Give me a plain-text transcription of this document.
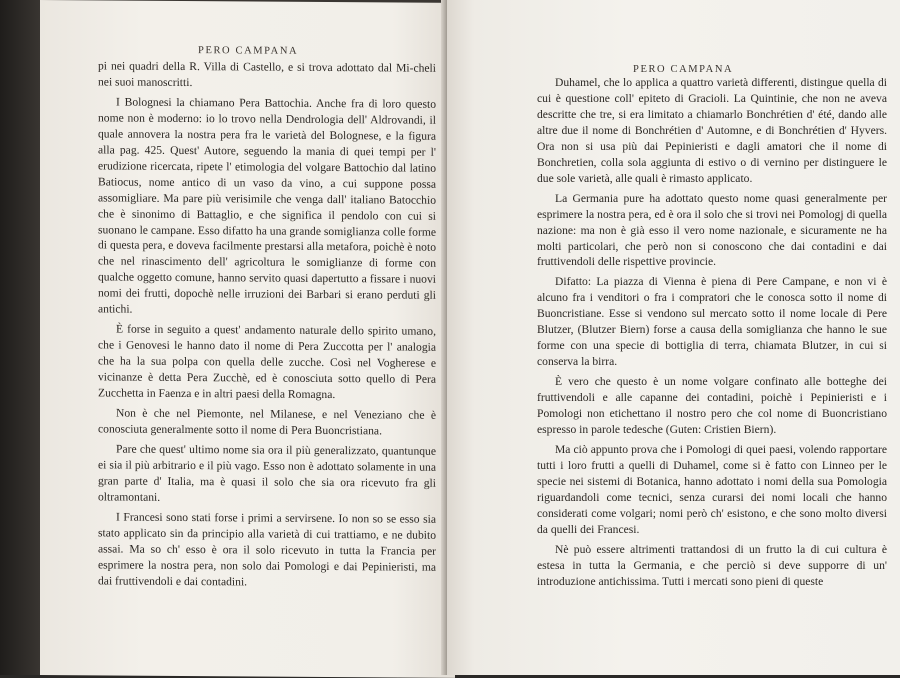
PERO CAMPANA

pi nei quadri della R. Villa di Castello, e si trova adottato dal Mi-cheli nei suoi manoscritti.

I Bolognesi la chiamano Pera Battochia. Anche fra di loro questo nome non è moderno: io lo trovo nella Dendrologia dell' Aldrovandi, il quale annovera la nostra pera fra le varietà del Bolognese, e la figura alla pag. 425. Quest' Autore, seguendo la mania di quei tempi per l' erudizione ricercata, ripete l' etimologia del volgare Battochio dal latino Batiocus, nome antico di un vaso da vino, a cui suppone possa assomigliare. Ma pare più verisimile che venga dall' italiano Batocchio che è sinonimo di Battaglio, e che significa il pendolo con cui si suonano le campane. Esso difatto ha una grande somiglianza colle forme di questa pera, e doveva facilmente prestarsi alla metafora, poichè è noto che nel rinascimento dell' agricoltura le somiglianze di forme con qualche oggetto comune, hanno servito quasi dapertutto a fissare i nuovi nomi dei frutti, dopochè nelle irruzioni dei Barbari si erano perduti gli antichi.

È forse in seguito a quest' andamento naturale dello spirito umano, che i Genovesi le hanno dato il nome di Pera Zuccotta per l' analogia che ha la sua polpa con quella delle zucche. Così nel Vogherese e vicinanze è detta Pera Zucchè, ed è conosciuta sotto quello di Pera Zucchetta in Faenza e in altri paesi della Romagna.

Non è che nel Piemonte, nel Milanese, e nel Veneziano che è conosciuta generalmente sotto il nome di Pera Buoncristiana.

Pare che quest' ultimo nome sia ora il più generalizzato, quantunque ei sia il più arbitrario e il più vago. Esso non è adottato solamente in una gran parte d' Italia, ma è quasi il solo che sia ora ricevuto fra gli oltramontani.

I Francesi sono stati forse i primi a servirsene. Io non so se esso sia stato applicato sin da principio alla varietà di cui trattiamo, e ne dubito assai. Ma so ch' esso è ora il solo ricevuto in tutta la Francia per esprimere la nostra pera, non solo dai Pomologi e dai Pepinieristi, ma dai fruttivendoli e dai contadini.

PERO CAMPANA

Duhamel, che lo applica a quattro varietà differenti, distingue quella di cui è questione coll' epiteto di Gracioli. La Quintinie, che non ne aveva descritte che tre, si era limitato a chiamarlo Bonchrétien d' été, dando alle altre due il nome di Bonchrétien d' Automne, e di Bonchrétien d' Hyvers. Ora non si usa più dai Pepinieristi e dagli amatori che il nome di Bonchretien, colla sola aggiunta di estivo o di vernino per distinguere le due sole varietà, alle quali è rimasto applicato.

La Germania pure ha adottato questo nome quasi generalmente per esprimere la nostra pera, ed è ora il solo che si trovi nei Pomologj di quella nazione: ma non è già esso il vero nome nazionale, e sicuramente ne ha molti particolari, che però non si conoscono che dai contadini e dai fruttivendoli delle rispettive provincie.

Difatto: La piazza di Vienna è piena di Pere Campane, e non vi è alcuno fra i venditori o fra i compratori che le conosca sotto il nome di Buoncristiane. Esse si vendono sul mercato sotto il nome locale di Pere Blutzer, (Blutzer Biern) forse a causa della somiglianza che hanno le sue forme con una specie di bottiglia di terra, chiamata Blutzer, in cui si conserva la birra.

È vero che questo è un nome volgare confinato alle botteghe dei fruttivendoli e alle capanne dei contadini, poichè i Pepinieristi e i Pomologi non etichettano il nostro pero che col nome di Buoncristiano espresso in parole tedesche (Guten: Cristien Biern).

Ma ciò appunto prova che i Pomologi di quei paesi, volendo rapportare tutti i loro frutti a quelli di Duhamel, come si è fatto con Linneo per le specie nei sistemi di Botanica, hanno adottato i nomi della sua Pomologia riguardandoli come tecnici, senza curarsi dei nomi locali che hanno considerati come volgari; nomi però ch' esistono, e che sono molto diversi da quelli dei Francesi.

Nè può essere altrimenti trattandosi di un frutto la di cui cultura è estesa in tutta la Germania, e che perciò si deve supporre di un' introduzione antichissima. Tutti i mercati sono pieni di queste
